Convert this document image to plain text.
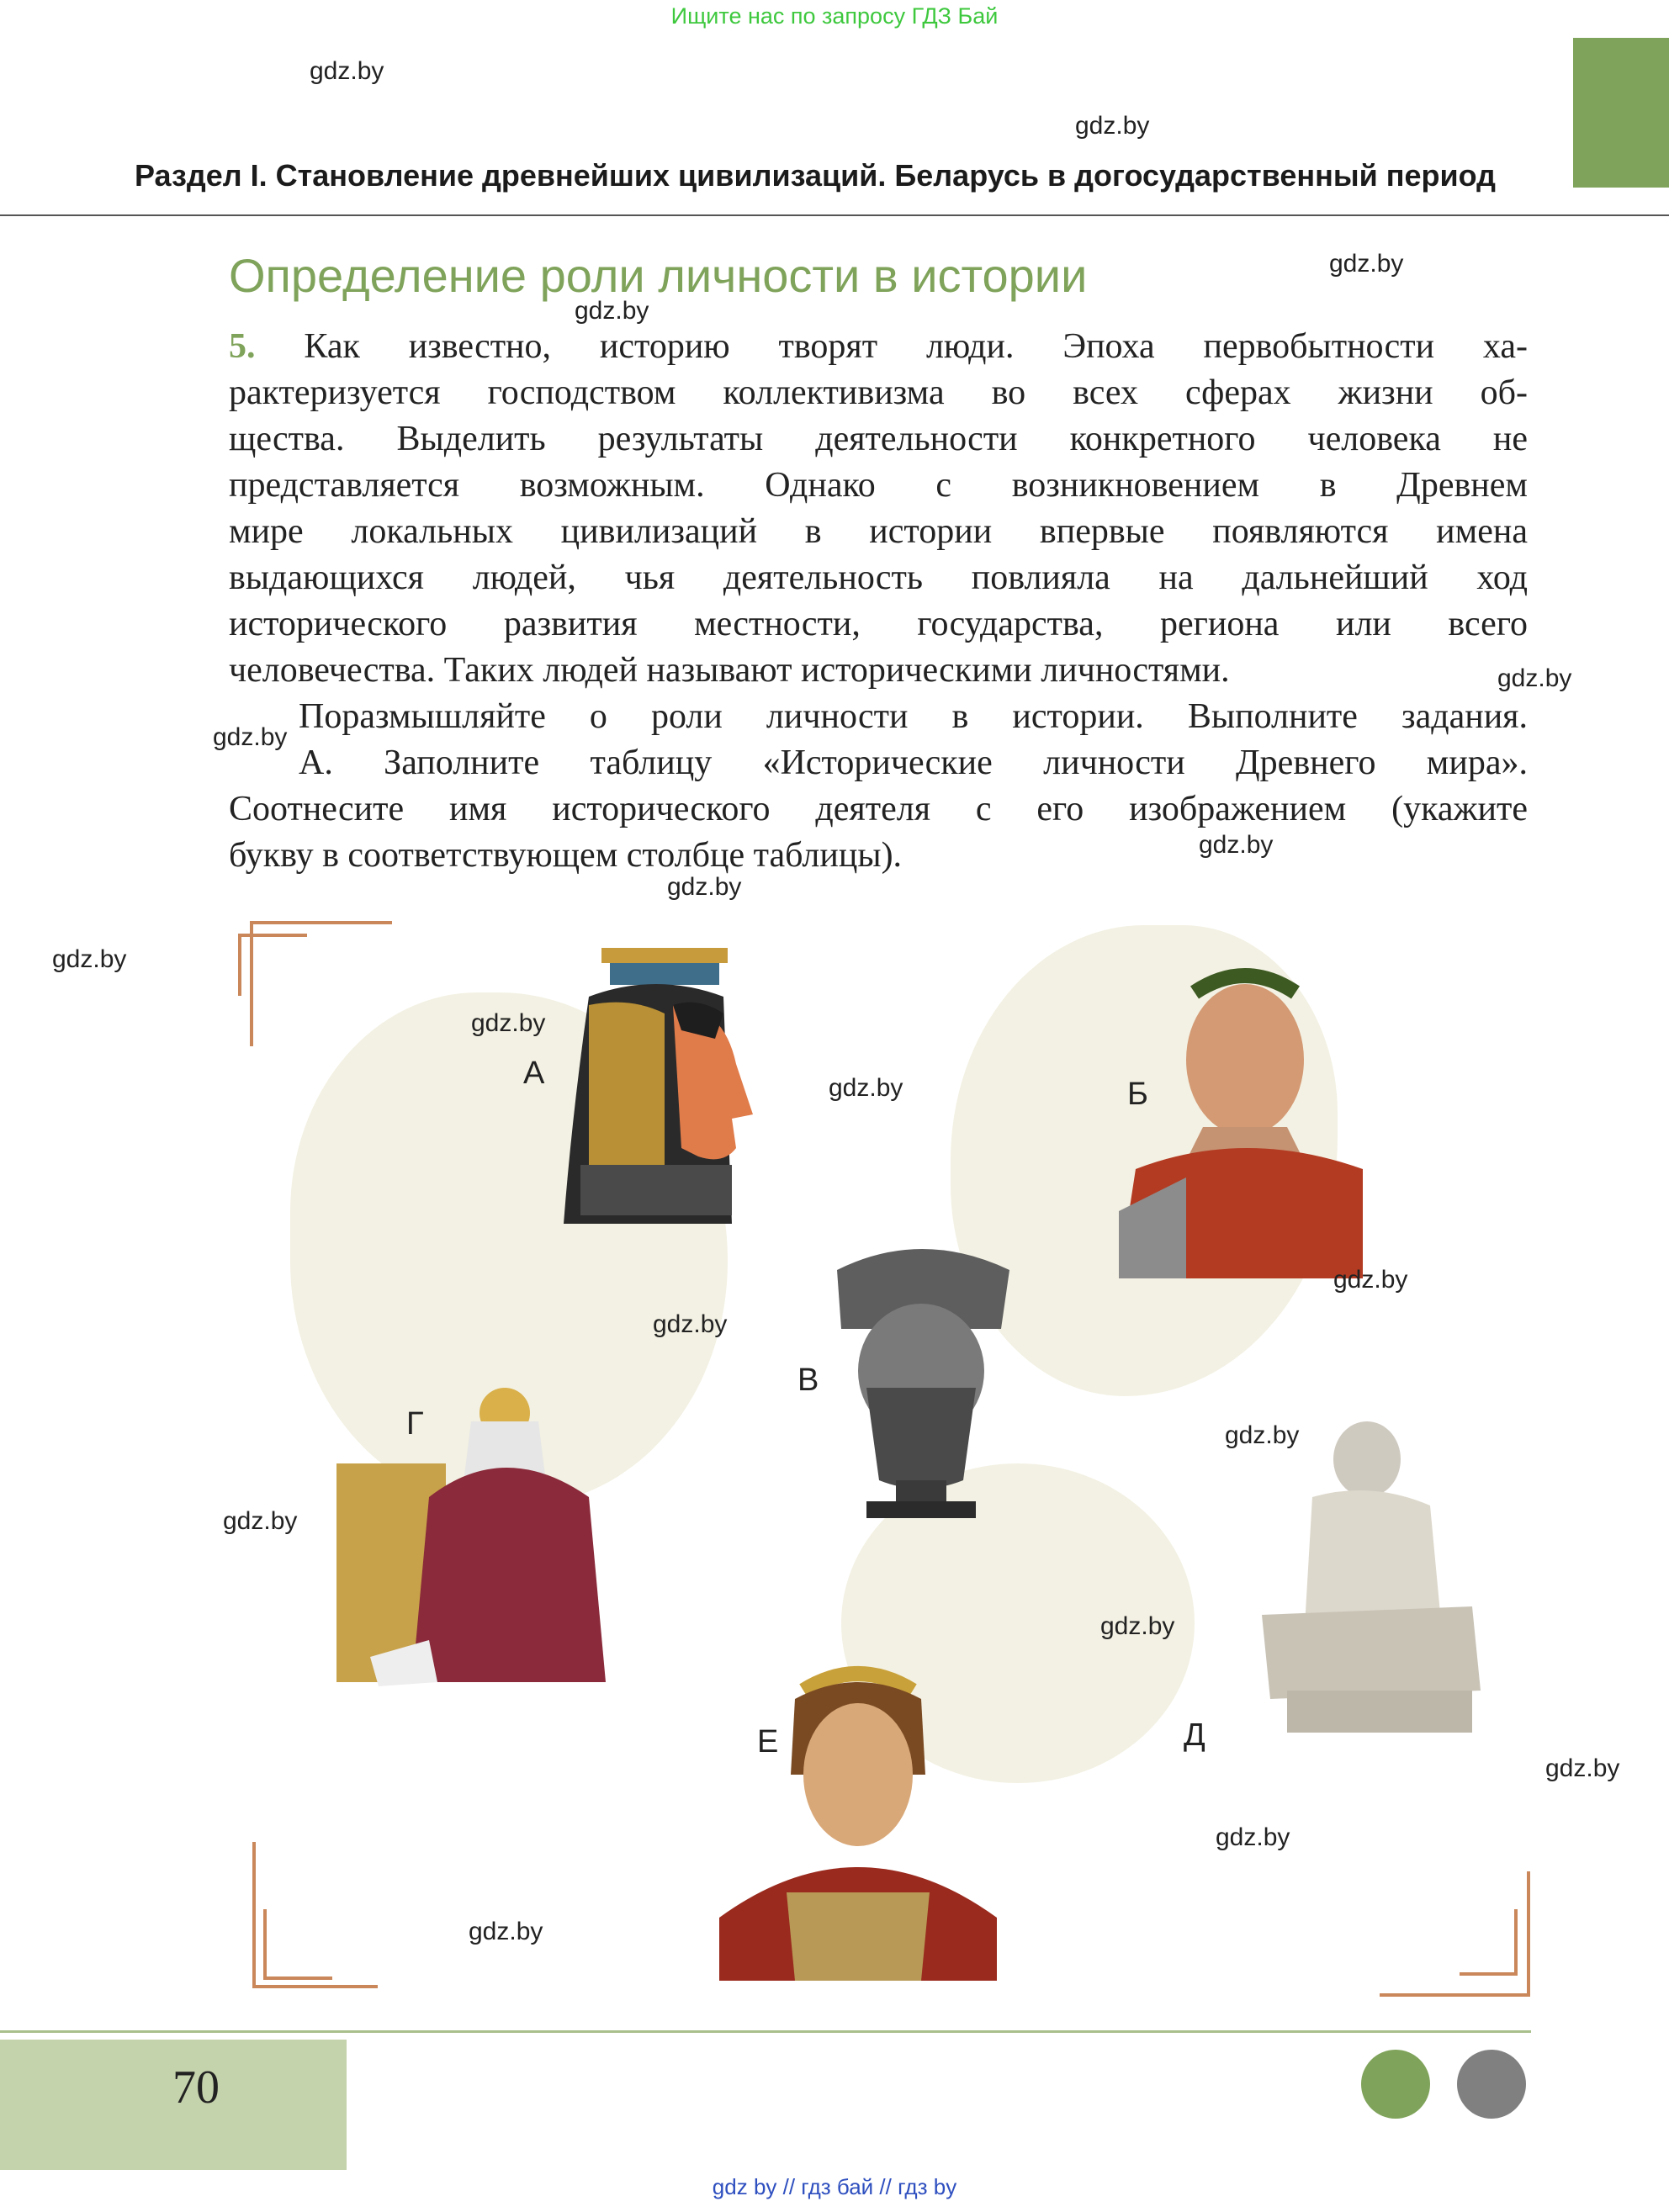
Ищите нас по запросу ГДЗ Бай
Раздел I. Становление древнейших цивилизаций. Беларусь в догосударственный период
Определение роли личности в истории

5. Как известно, историю творят люди. Эпоха первобытности ха-

рактеризуется господством коллективизма во всех сферах жизни об-

щества. Выделить результаты деятельности конкретного человека не

представляется возможным. Однако с возникновением в Древнем

мире локальных цивилизаций в истории впервые появляются имена

выдающихся людей, чья деятельность повлияла на дальнейший ход

исторического развития местности, государства, региона или всего

человечества. Таких людей называют историческими личностями.

Поразмышляйте о роли личности в истории. Выполните задания.

А. Заполните таблицу «Исторические личности Древнего мира».

Соотнесите имя исторического деятеля с его изображением (укажите

букву в соответствующем столбце таблицы).

А
Б
В
Г
Д
Е
gdz.by
gdz.by
gdz.by
gdz.by
gdz.by
gdz.by
gdz.by
gdz.by
gdz.by
gdz.by
gdz.by
gdz.by
gdz.by
gdz.by
gdz.by
gdz.by
gdz.by
gdz.by
gdz.by
70
gdz by // гдз бай // гдз by
